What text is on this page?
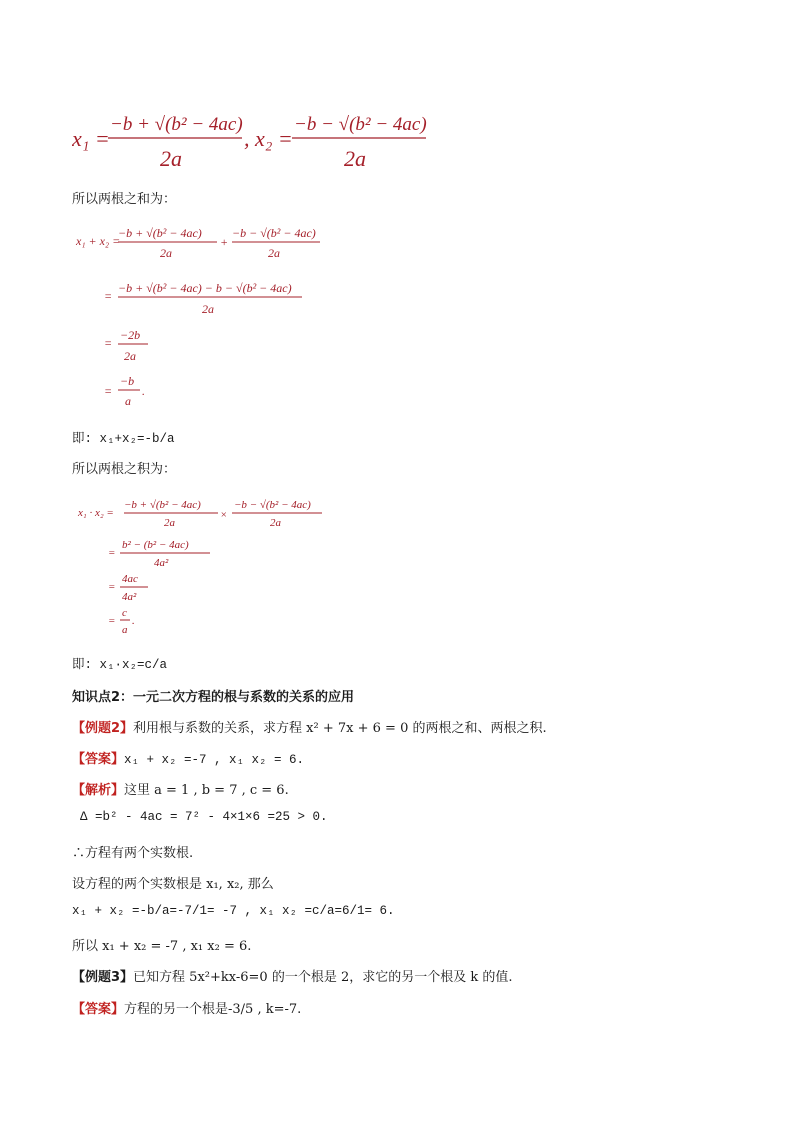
x₁ =
−b + √(b² − 4ac)
2a
, x₂ =
−b − √(b² − 4ac)
2a
所以两根之和为：
x₁ + x₂ =
−b + √(b² − 4ac)
2a
+
−b − √(b² − 4ac)
2a
=
−b + √(b² − 4ac) − b − √(b² − 4ac)
2a
=
−2b
2a
=
−b
a
.
即: x₁+x₂=-b/a
所以两根之积为：
x₁ · x₂ =
−b + √(b² − 4ac)
2a
×
−b − √(b² − 4ac)
2a
=
b² − (b² − 4ac)
4a²
=
4ac
4a²
=
c
a
.
即: x₁·x₂=c/a
知识点2：一元二次方程的根与系数的关系的应用
【例题2】利用根与系数的关系，求方程 x² + 7x + 6 = 0 的两根之和、两根之积.
【答案】x₁ + x₂ =-7 , x₁ x₂ = 6.
【解析】这里 a = 1 , b = 7 , c = 6.
Δ =b² - 4ac = 7² - 4×1×6 =25 > 0.
∴方程有两个实数根.
设方程的两个实数根是 x₁, x₂, 那么
x₁ + x₂ =-b/a=-7/1= -7 , x₁ x₂ =c/a=6/1= 6.
所以 x₁ + x₂ = -7 , x₁ x₂ = 6.
【例题3】已知方程 5x²+kx-6=0 的一个根是 2，求它的另一个根及 k 的值.
【答案】方程的另一个根是-3/5 , k=-7.
